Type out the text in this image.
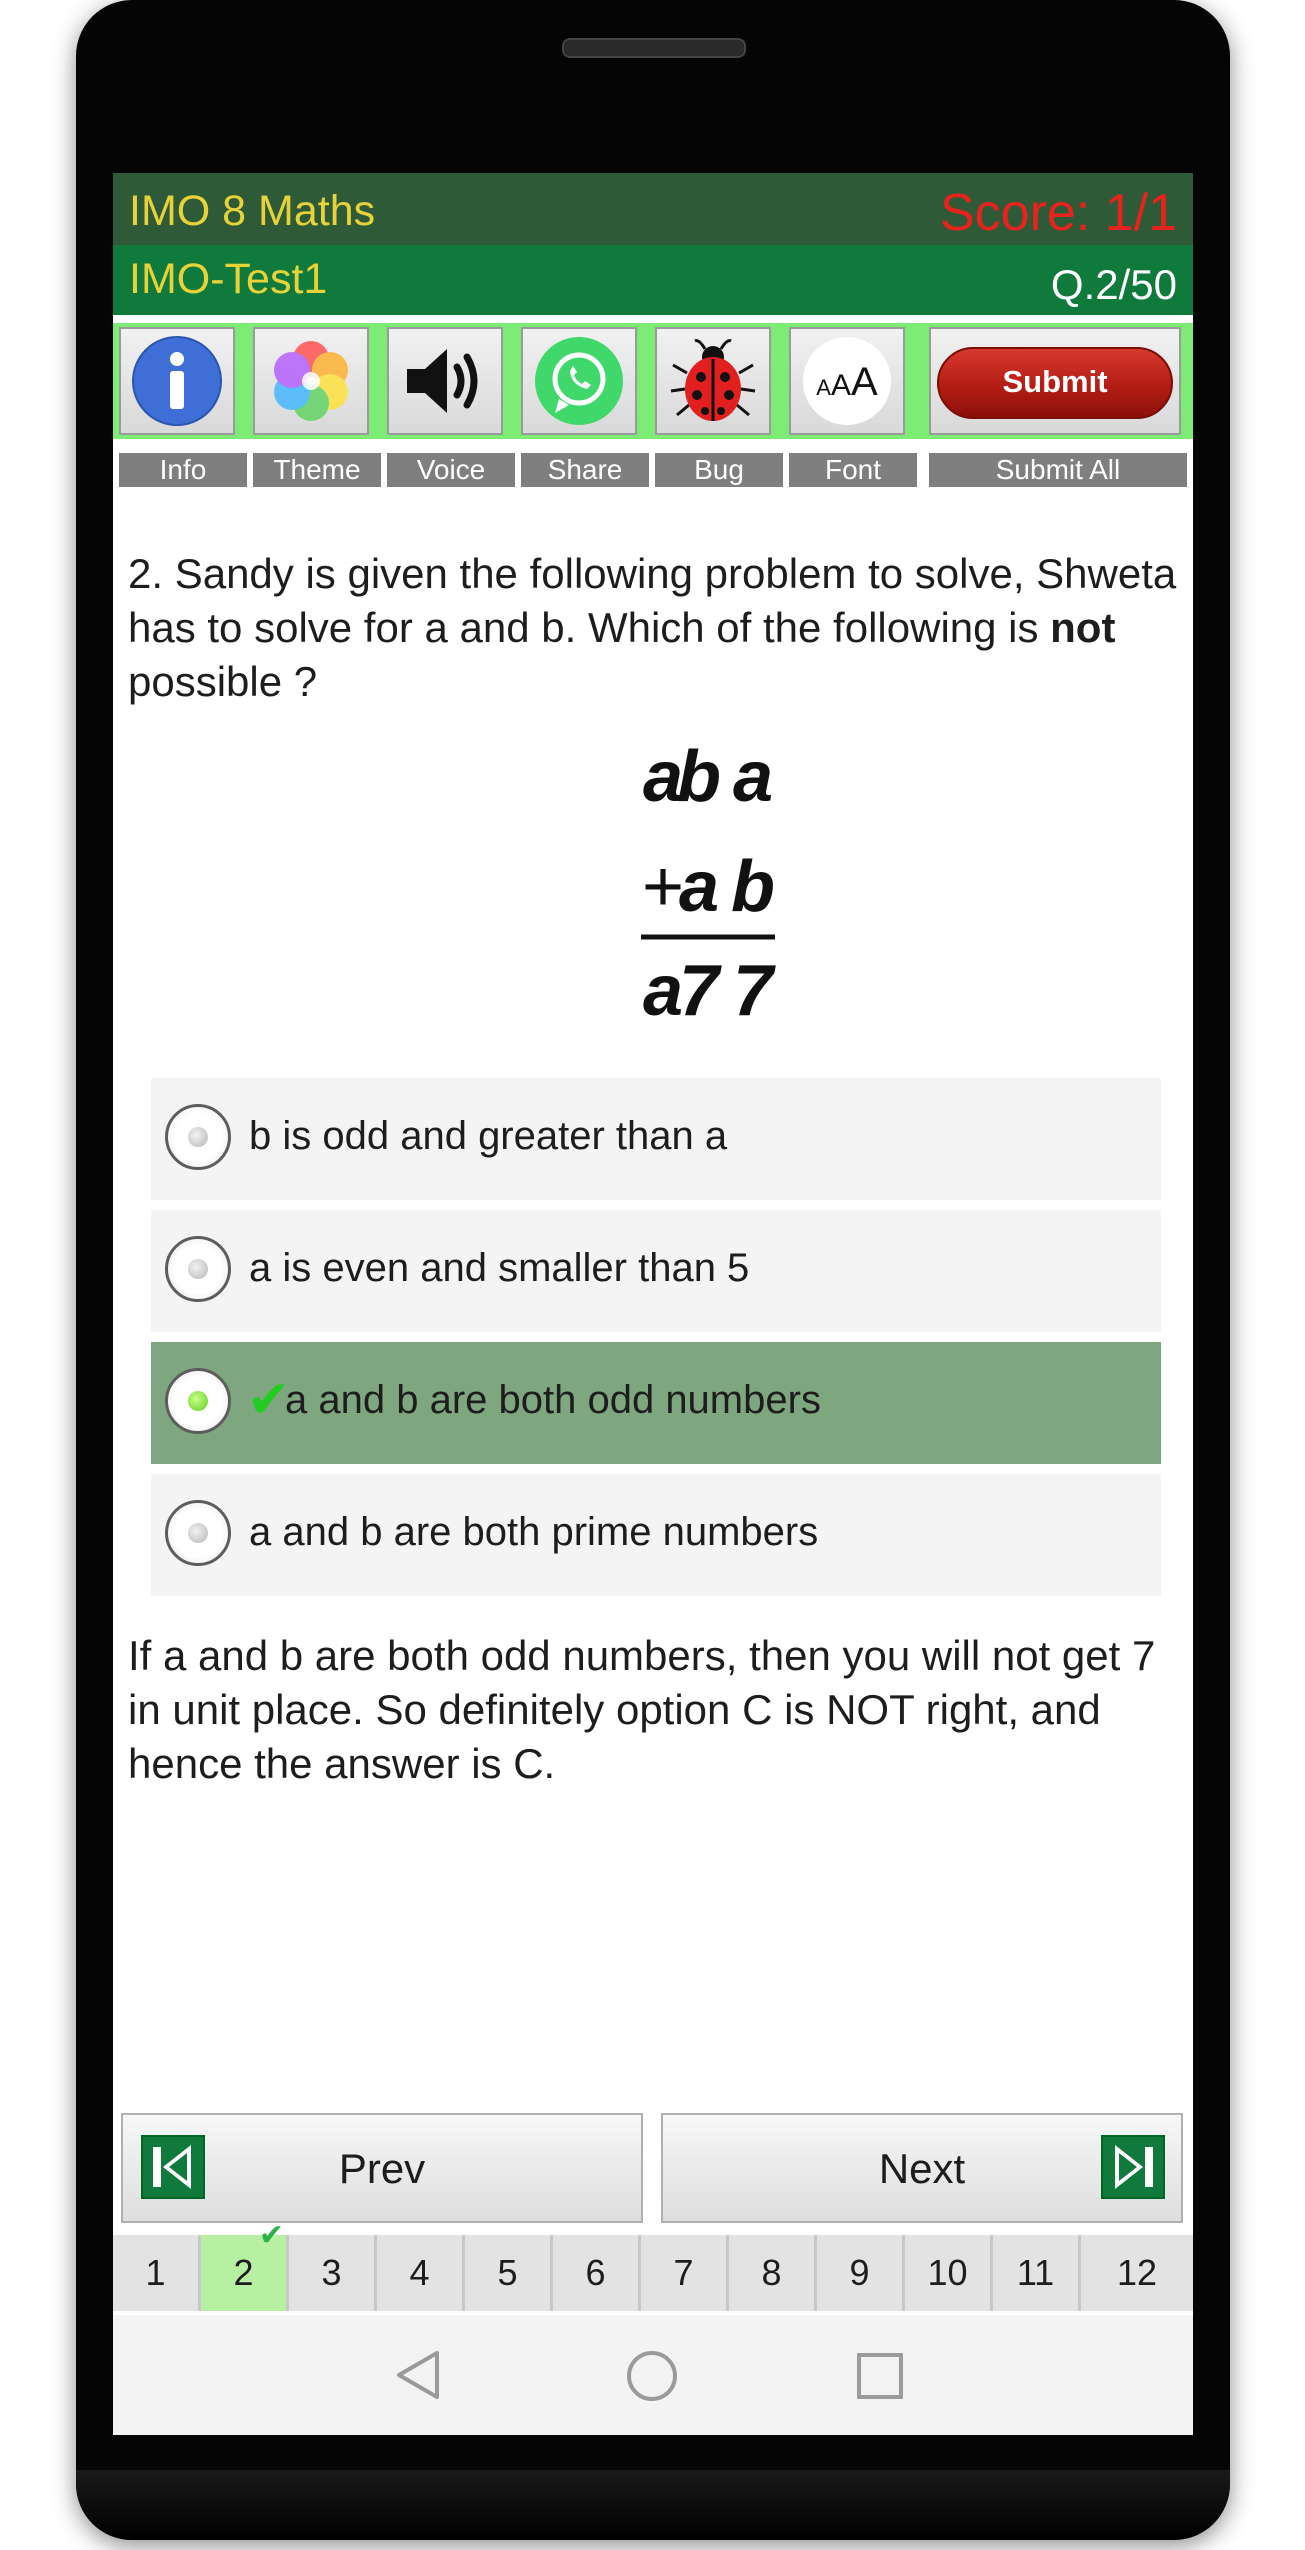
IMO 8 Maths	Score: 1/1
IMO-Test1	Q.2/50
AAA	Submit
Info	Theme	Voice	Share	Bug	Font	Submit All
2. Sandy is given the following problem to solve, Shweta has to solve for a and b. Which of the following is not possible ?
a
b a
+
a b
a
7 7
b is odd and greater than a
a is even and smaller than 5
✔
a and b are both odd numbers
a and b are both prime numbers
If a and b are both odd numbers, then you will not get 7 in unit place. So definitely option C is NOT right, and hence the answer is C.
Prev	Next
1	2
✔
3	4	5	6	7	8	9	10	11	12
